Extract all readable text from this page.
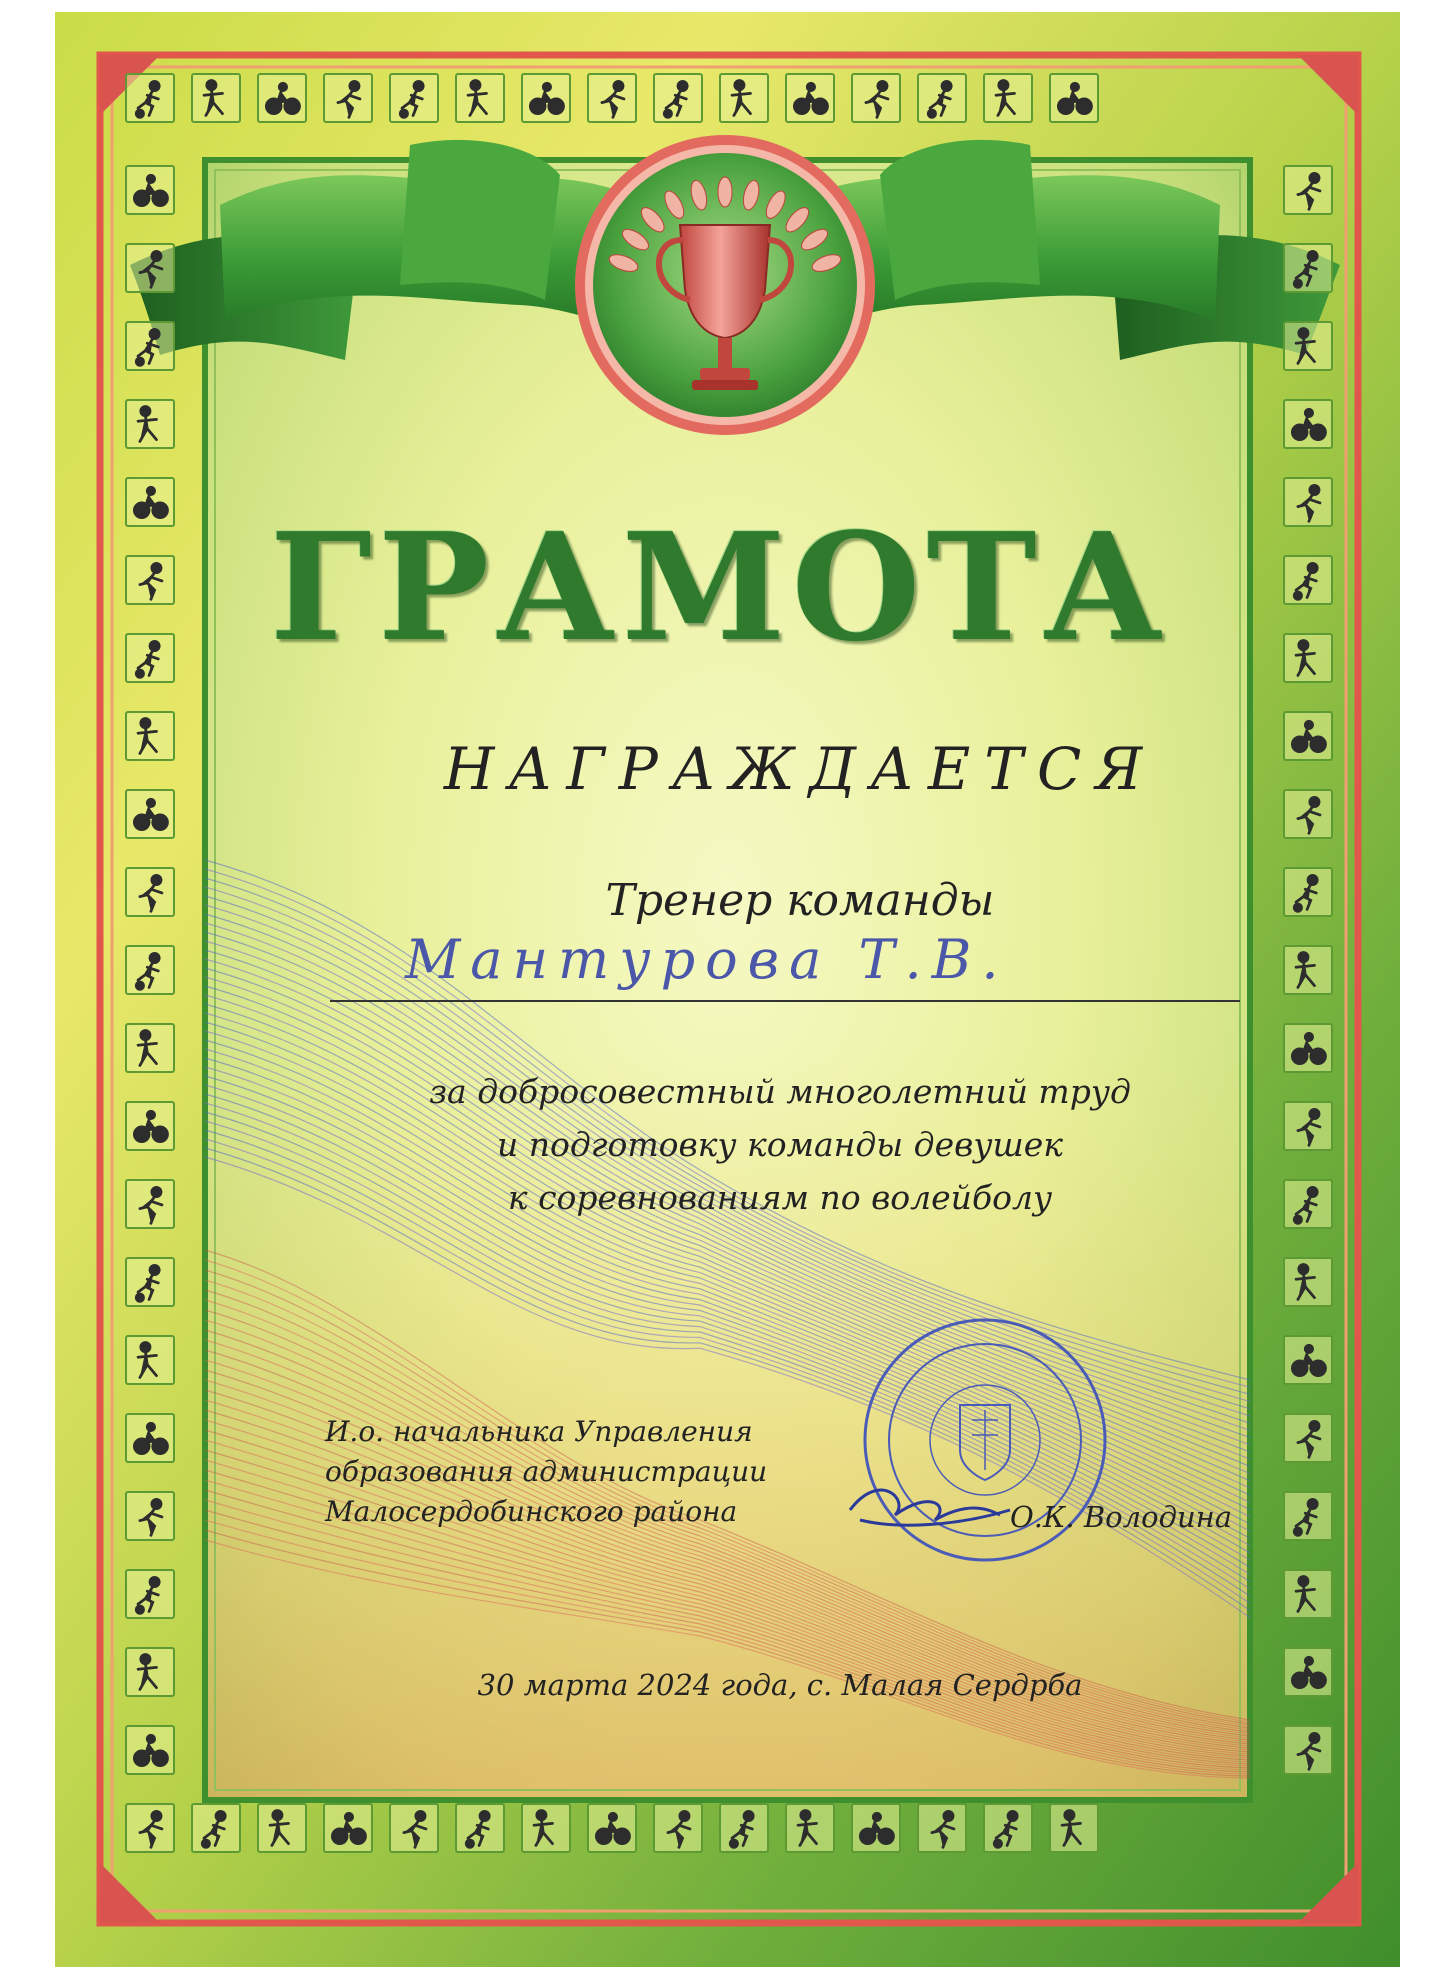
ГРАМОТА
НАГРАЖДАЕТСЯ
Тренер команды
Мантурова Т.В.
за добросовестный многолетний труд
и подготовку команды девушек
к соревнованиям по волейболу
И.о. начальника Управления
образования администрации
Малосердобинского района	О.К. Володина
30 марта 2024 года, с. Малая Сердрба
